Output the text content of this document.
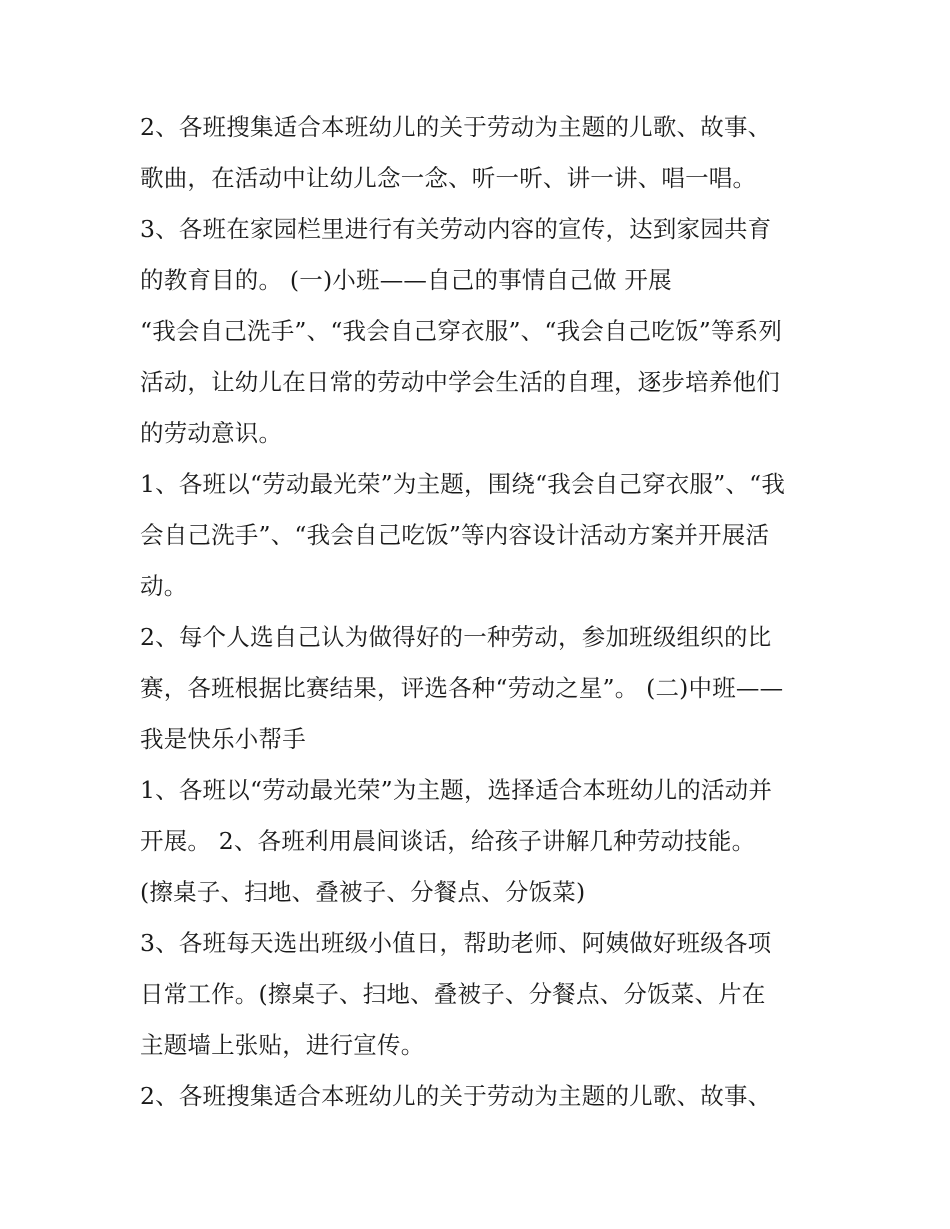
2、各班搜集适合本班幼儿的关于劳动为主题的儿歌、故事、
歌曲，在活动中让幼儿念一念、听一听、讲一讲、唱一唱。
3、各班在家园栏里进行有关劳动内容的宣传，达到家园共育
的教育目的。 (一)小班——自己的事情自己做 开展
“我会自己洗手”、“我会自己穿衣服”、“我会自己吃饭”等系列
活动，让幼儿在日常的劳动中学会生活的自理，逐步培养他们
的劳动意识。
1、各班以“劳动最光荣”为主题，围绕“我会自己穿衣服”、“我
会自己洗手”、“我会自己吃饭”等内容设计活动方案并开展活
动。
2、每个人选自己认为做得好的一种劳动，参加班级组织的比
赛，各班根据比赛结果，评选各种“劳动之星”。 (二)中班——
我是快乐小帮手
1、各班以“劳动最光荣”为主题，选择适合本班幼儿的活动并
开展。 2、各班利用晨间谈话，给孩子讲解几种劳动技能。
(擦桌子、扫地、叠被子、分餐点、分饭菜)
3、各班每天选出班级小值日，帮助老师、阿姨做好班级各项
日常工作。(擦桌子、扫地、叠被子、分餐点、分饭菜、片在
主题墙上张贴，进行宣传。
2、各班搜集适合本班幼儿的关于劳动为主题的儿歌、故事、
